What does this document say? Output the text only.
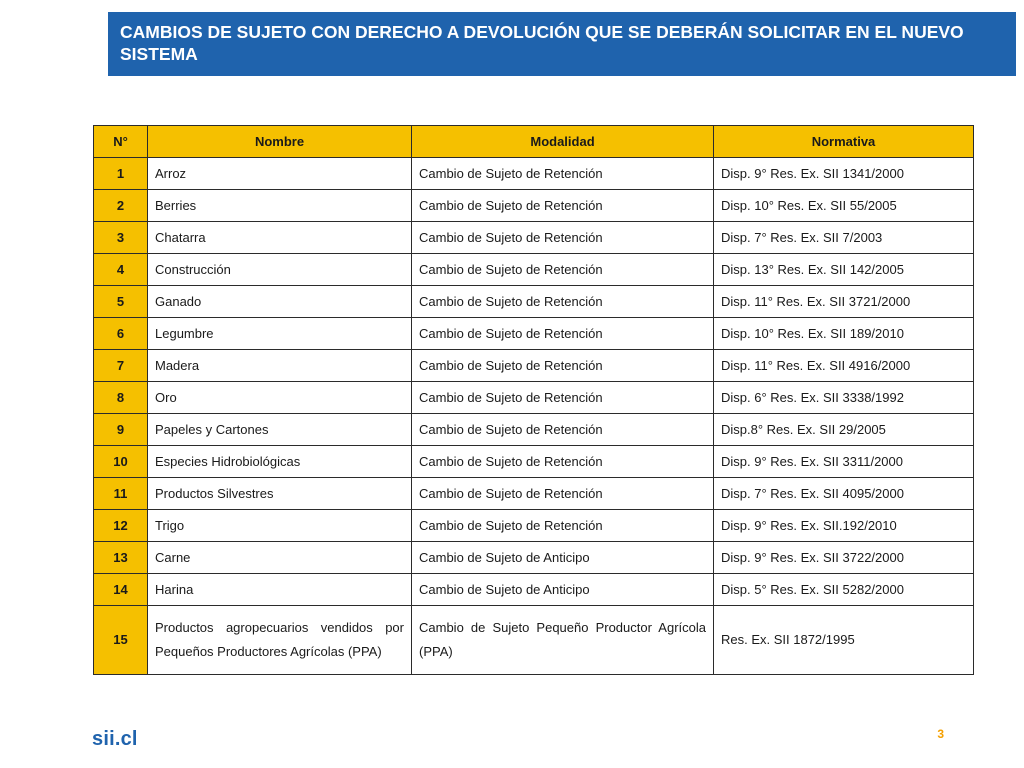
CAMBIOS DE SUJETO CON DERECHO A DEVOLUCIÓN QUE SE DEBERÁN SOLICITAR EN EL NUEVO SISTEMA

N°	Nombre	Modalidad	Normativa
1	Arroz	Cambio de Sujeto de Retención	Disp. 9° Res. Ex. SII 1341/2000
2	Berries	Cambio de Sujeto de Retención	Disp. 10° Res. Ex. SII 55/2005
3	Chatarra	Cambio de Sujeto de Retención	Disp. 7° Res. Ex. SII 7/2003
4	Construcción	Cambio de Sujeto de Retención	Disp. 13° Res. Ex. SII 142/2005
5	Ganado	Cambio de Sujeto de Retención	Disp. 11° Res. Ex. SII 3721/2000
6	Legumbre	Cambio de Sujeto de Retención	Disp. 10° Res. Ex. SII 189/2010
7	Madera	Cambio de Sujeto de Retención	Disp. 11° Res. Ex. SII 4916/2000
8	Oro	Cambio de Sujeto de Retención	Disp. 6° Res. Ex. SII 3338/1992
9	Papeles y Cartones	Cambio de Sujeto de Retención	Disp.8° Res. Ex. SII 29/2005
10	Especies Hidrobiológicas	Cambio de Sujeto de Retención	Disp. 9° Res. Ex. SII 3311/2000
11	Productos Silvestres	Cambio de Sujeto de Retención	Disp. 7° Res. Ex. SII 4095/2000
12	Trigo	Cambio de Sujeto de Retención	Disp. 9° Res. Ex. SII.192/2010
13	Carne	Cambio de Sujeto de Anticipo	Disp. 9° Res. Ex. SII 3722/2000
14	Harina	Cambio de Sujeto de Anticipo	Disp. 5° Res. Ex. SII 5282/2000
15	Productos agropecuarios vendidos por Pequeños Productores Agrícolas (PPA)	Cambio de Sujeto Pequeño Productor Agrícola (PPA)	Res. Ex. SII 1872/1995
sii.cl	3
